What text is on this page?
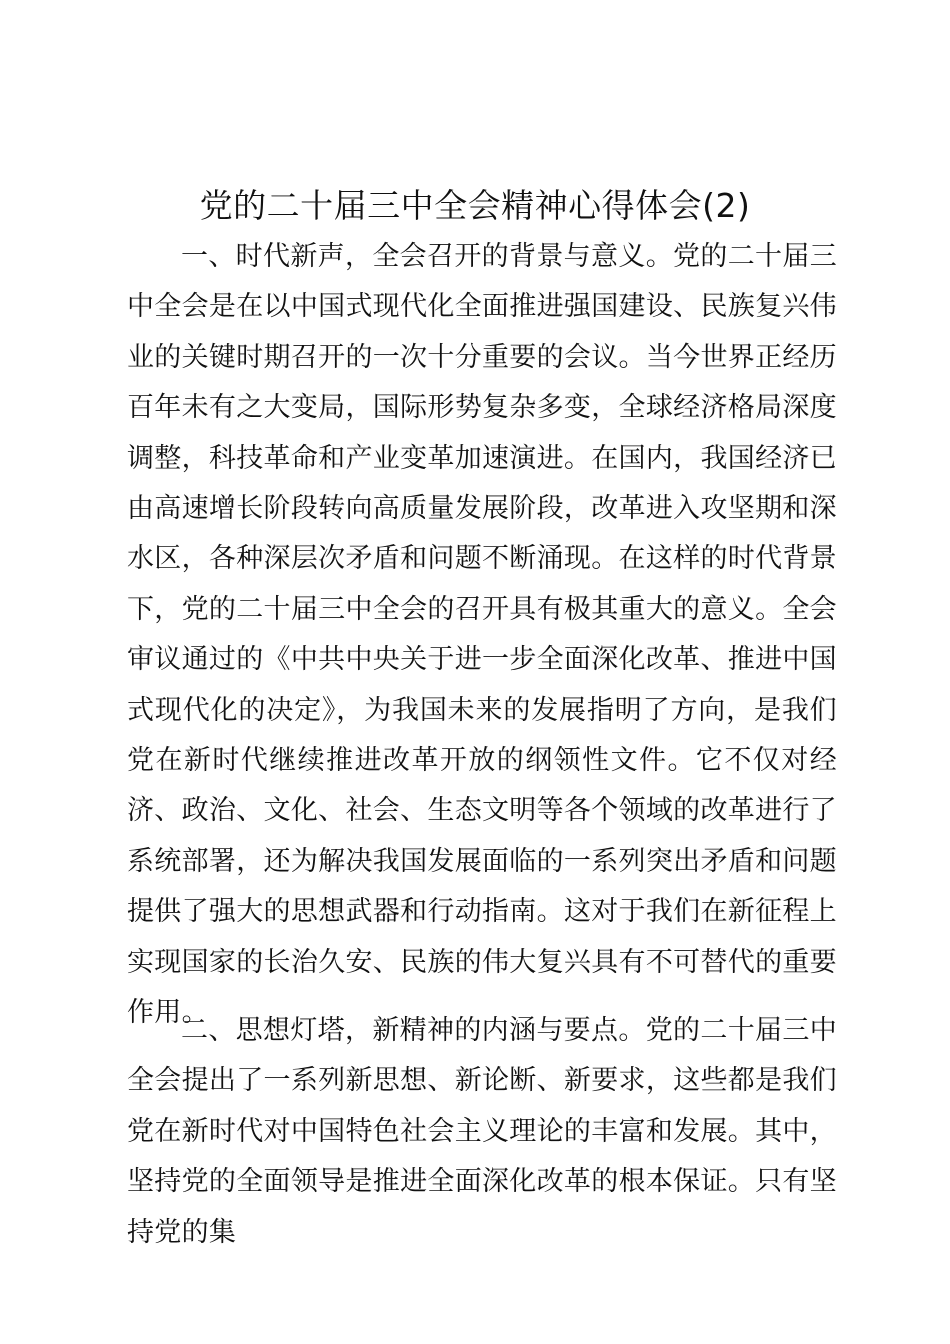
党的二十届三中全会精神心得体会(2)

一、时代新声，全会召开的背景与意义。党的二十届三中全会是在以中国式现代化全面推进强国建设、民族复兴伟业的关键时期召开的一次十分重要的会议。当今世界正经历百年未有之大变局，国际形势复杂多变，全球经济格局深度调整，科技革命和产业变革加速演进。在国内，我国经济已由高速增长阶段转向高质量发展阶段，改革进入攻坚期和深水区，各种深层次矛盾和问题不断涌现。在这样的时代背景下，党的二十届三中全会的召开具有极其重大的意义。全会审议通过的《中共中央关于进一步全面深化改革、推进中国式现代化的决定》，为我国未来的发展指明了方向，是我们党在新时代继续推进改革开放的纲领性文件。它不仅对经济、政治、文化、社会、生态文明等各个领域的改革进行了系统部署，还为解决我国发展面临的一系列突出矛盾和问题提供了强大的思想武器和行动指南。这对于我们在新征程上实现国家的长治久安、民族的伟大复兴具有不可替代的重要作用。

二、思想灯塔，新精神的内涵与要点。党的二十届三中全会提出了一系列新思想、新论断、新要求，这些都是我们党在新时代对中国特色社会主义理论的丰富和发展。其中，坚持党的全面领导是推进全面深化改革的根本保证。只有坚持党的集
